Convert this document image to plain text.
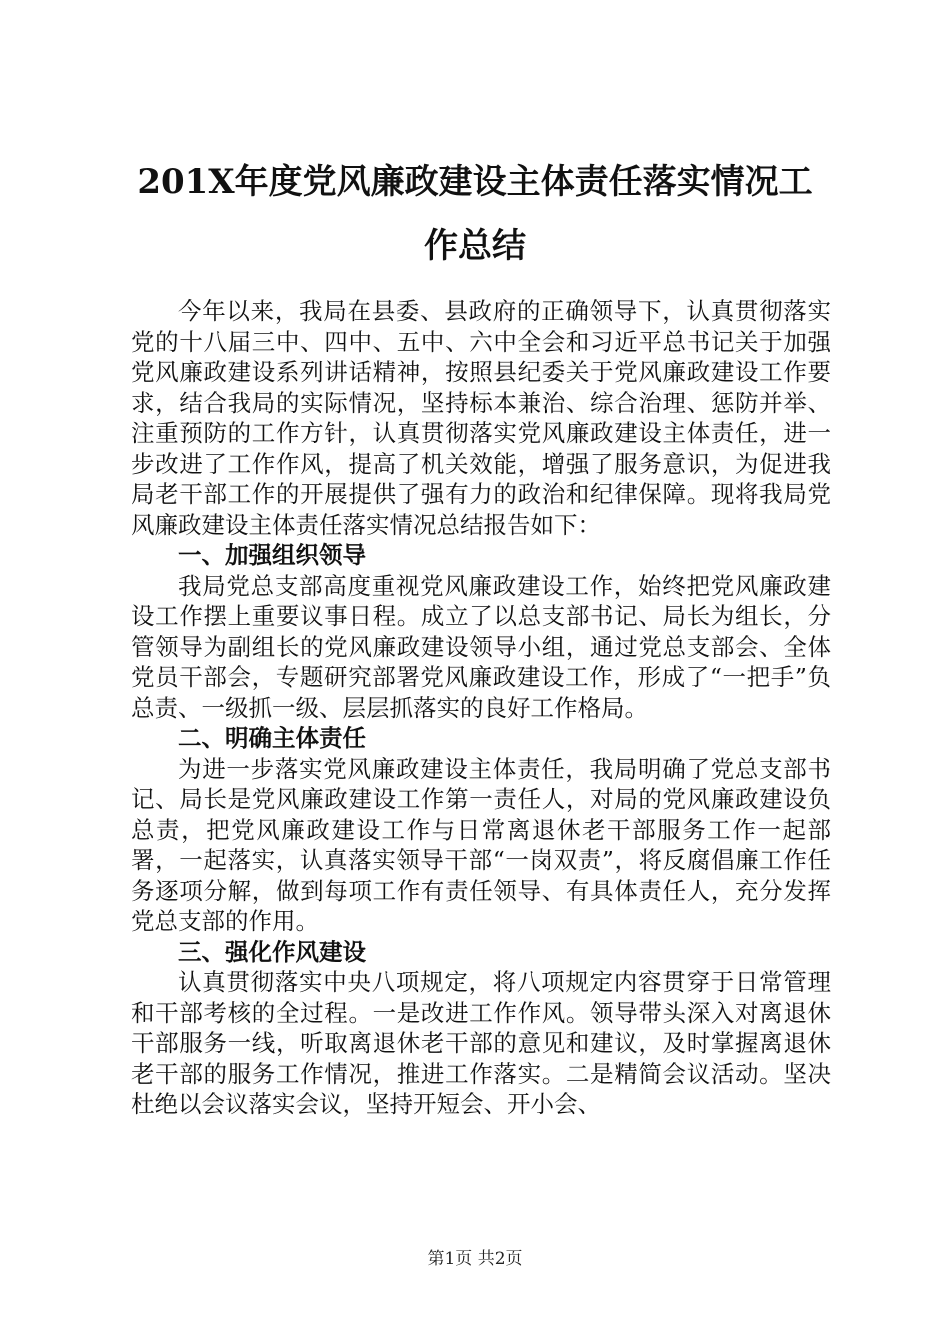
201X年度党风廉政建设主体责任落实情况工
作总结

今年以来，我局在县委、县政府的正确领导下，认真贯彻落实党的十八届三中、四中、五中、六中全会和习近平总书记关于加强党风廉政建设系列讲话精神，按照县纪委关于党风廉政建设工作要求，结合我局的实际情况，坚持标本兼治、综合治理、惩防并举、注重预防的工作方针，认真贯彻落实党风廉政建设主体责任，进一步改进了工作作风，提高了机关效能，增强了服务意识，为促进我局老干部工作的开展提供了强有力的政治和纪律保障。现将我局党风廉政建设主体责任落实情况总结报告如下：

一、加强组织领导

我局党总支部高度重视党风廉政建设工作，始终把党风廉政建设工作摆上重要议事日程。成立了以总支部书记、局长为组长，分管领导为副组长的党风廉政建设领导小组，通过党总支部会、全体党员干部会，专题研究部署党风廉政建设工作，形成了“一把手”负总责、一级抓一级、层层抓落实的良好工作格局。

二、明确主体责任

为进一步落实党风廉政建设主体责任，我局明确了党总支部书记、局长是党风廉政建设工作第一责任人，对局的党风廉政建设负总责，把党风廉政建设工作与日常离退休老干部服务工作一起部署，一起落实，认真落实领导干部“一岗双责”，将反腐倡廉工作任务逐项分解，做到每项工作有责任领导、有具体责任人，充分发挥党总支部的作用。

三、强化作风建设

认真贯彻落实中央八项规定，将八项规定内容贯穿于日常管理和干部考核的全过程。一是改进工作作风。领导带头深入对离退休干部服务一线，听取离退休老干部的意见和建议，及时掌握离退休老干部的服务工作情况，推进工作落实。二是精简会议活动。坚决杜绝以会议落实会议，坚持开短会、开小会、

第1页 共2页
